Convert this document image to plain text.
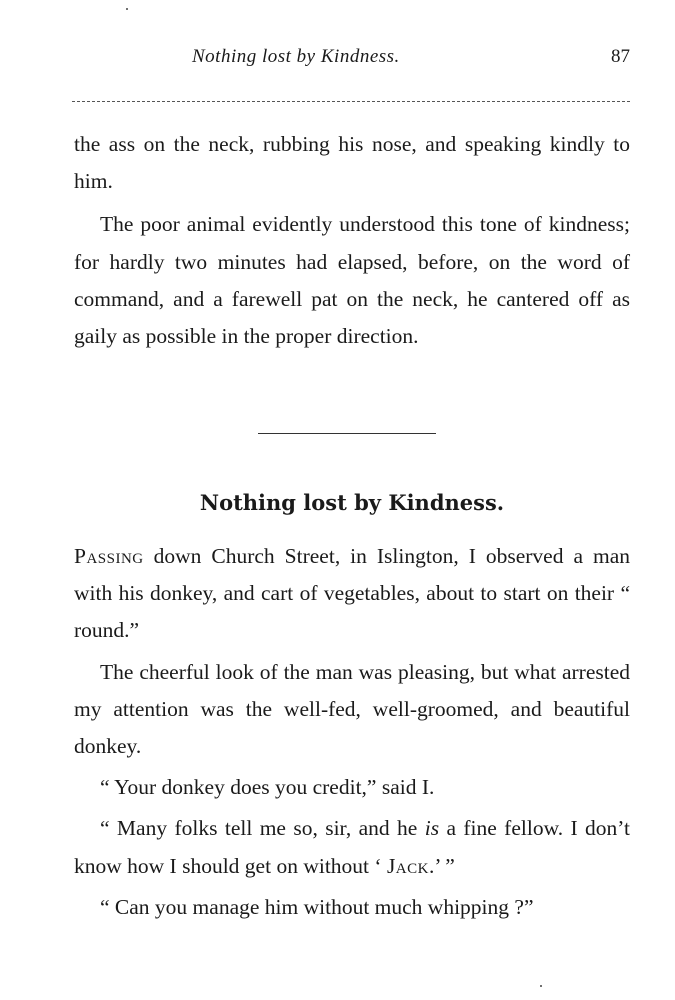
Nothing lost by Kindness.	87

the ass on the neck, rubbing his nose, and speaking kindly to him.

The poor animal evidently understood this tone of kindness; for hardly two minutes had elapsed, before, on the word of command, and a farewell pat on the neck, he cantered off as gaily as possible in the proper direction.

Nothing lost by Kindness.

Passing down Church Street, in Islington, I observed a man with his donkey, and cart of vegetables, about to start on their “ round.”

The cheerful look of the man was pleasing, but what arrested my attention was the well-fed, well-groomed, and beautiful donkey.

“ Your donkey does you credit,” said I.

“ Many folks tell me so, sir, and he is a fine fellow. I don’t know how I should get on without ‘ Jack.’ ”

“ Can you manage him without much whipping ?”
